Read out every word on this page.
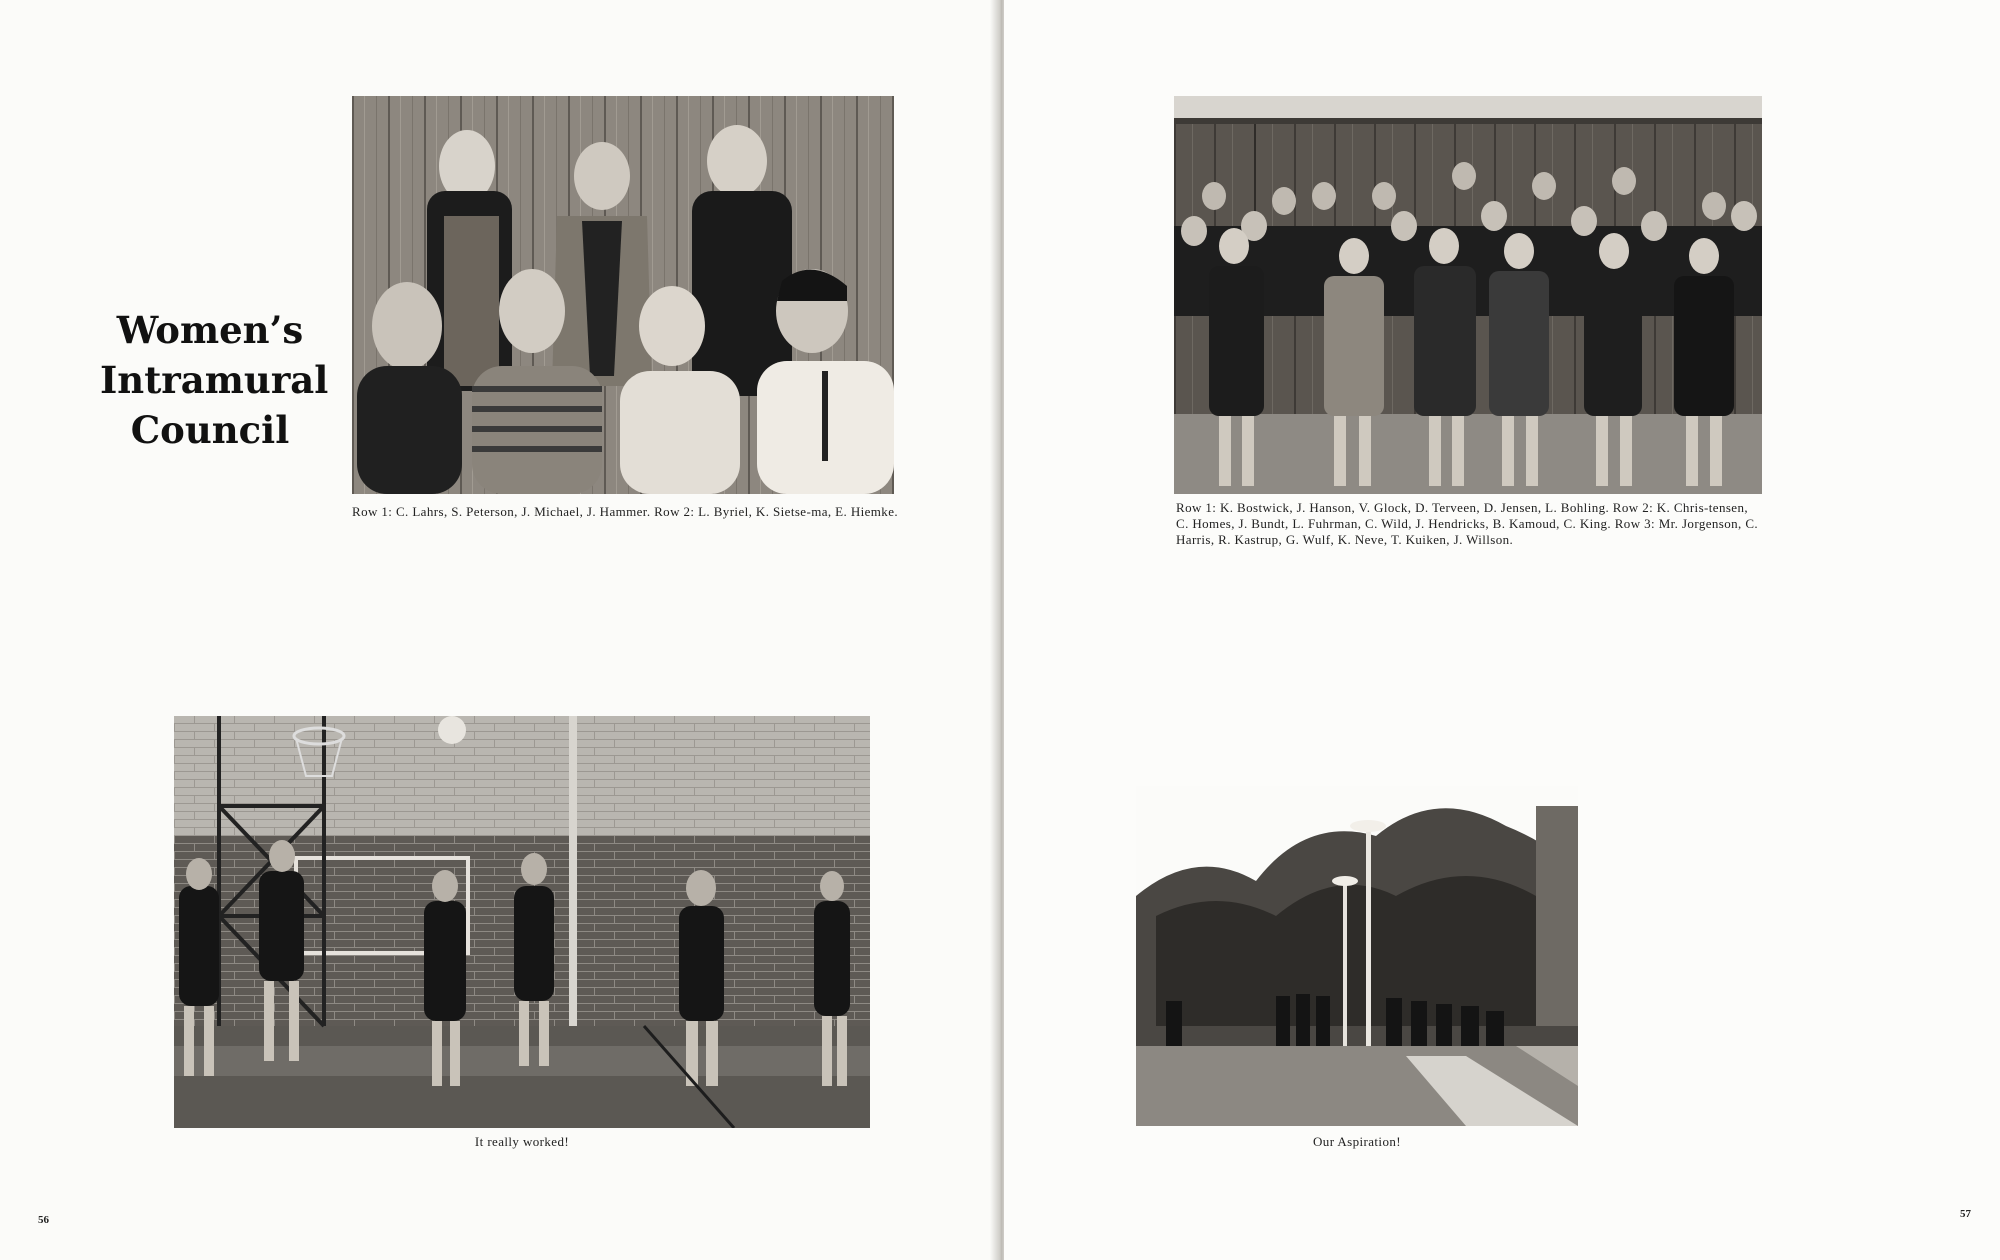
Women’s
Intramural
Council
Row 1: C. Lahrs, S. Peterson, J. Michael, J. Hammer. Row 2: L. Byriel, K. Sietse-ma, E. Hiemke.
It really worked!
56
Row 1: K. Bostwick, J. Hanson, V. Glock, D. Terveen, D. Jensen, L. Bohling. Row 2: K. Chris-tensen, C. Homes, J. Bundt, L. Fuhrman, C. Wild, J. Hendricks, B. Kamoud, C. King. Row 3: Mr. Jorgenson, C. Harris, R. Kastrup, G. Wulf, K. Neve, T. Kuiken, J. Willson.
Our Aspiration!
57
